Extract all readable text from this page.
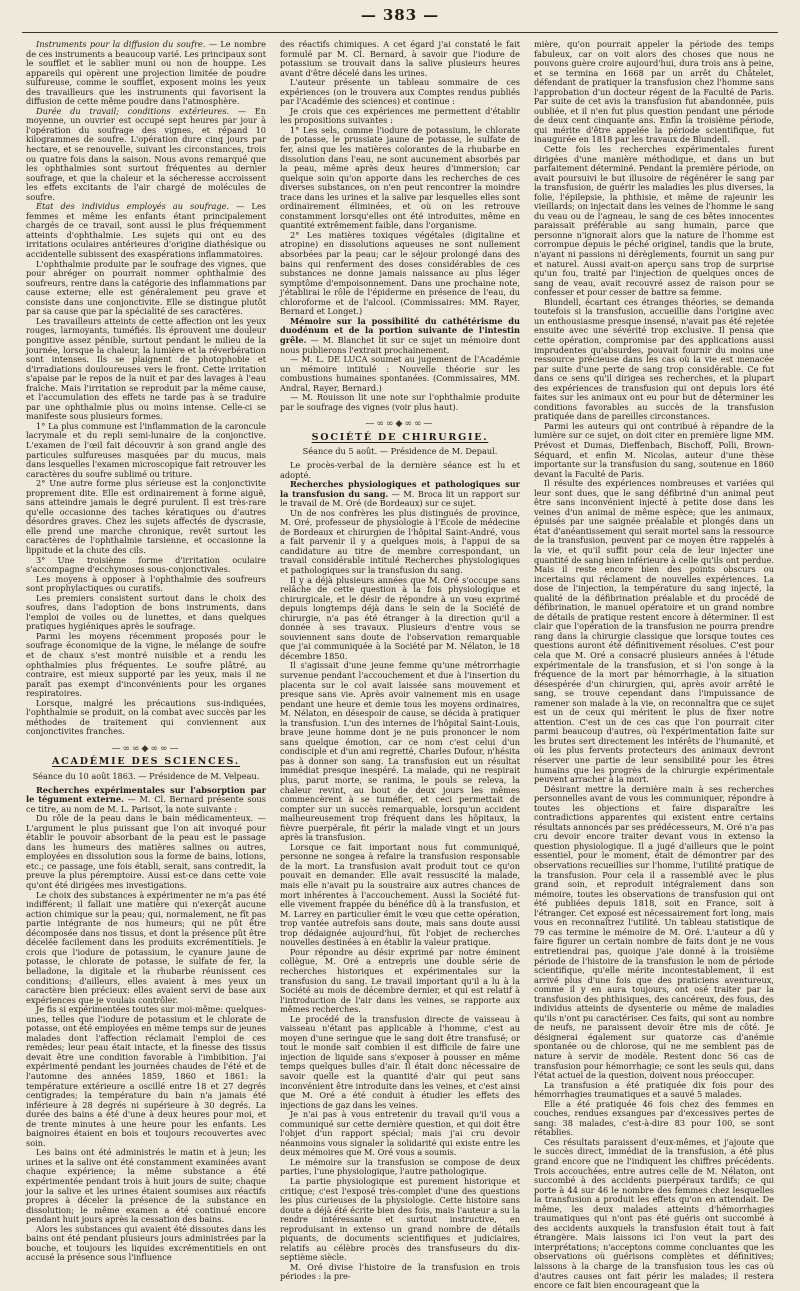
— 383 —

Instruments pour la diffusion du soufre. — Le nombre de ces instruments a beaucoup varié. Les principaux sont le soufflet et le sablier muni ou non de houppe. Les appareils qui opèrent une projection limitée de poudre sulfureuse, comme le soufflet, exposent moins les yeux des travailleurs que les instruments qui favorisent la diffusion de cette même poudre dans l'atmosphère.

Durée du travail; conditions extérieures. — En moyenne, un ouvrier est occupé sept heures par jour à l'opération du soufrage des vignes, et répand 10 kilogrammes de soufre. L'opération dure cinq jours par hectare, et se renouvelle, suivant les circonstances, trois ou quatre fois dans la saison. Nous avons remarqué que les ophthalmies sont surtout fréquentes au dernier soufrage, et que la chaleur et la sécheresse accroissent les effets excitants de l'air chargé de molécules de soufre.

État des individus employés au soufrage. — Les femmes et même les enfants étant principalement chargés de ce travail, sont aussi le plus fréquemment atteints d'ophthalmie. Les sujets qui ont eu des irritations oculaires antérieures d'origine diathésique ou accidentelle subissent des exaspérations inflammatoires.

L'ophthalmie produite par le soufrage des vignes, que pour abréger on pourrait nommer ophthalmie des soufreurs, rentre dans la catégorie des inflammations par cause externe; elle est généralement peu grave et consiste dans une conjonctivite. Elle se distingue plutôt par sa cause que par la spécialité de ses caractères.

Les travailleurs atteints de cette affection ont les yeux rouges, larmoyants, tuméfiés. Ils éprouvent une douleur pongitive assez pénible, surtout pendant le milieu de la journée, lorsque la chaleur, la lumière et la réverbération sont intenses. Ils se plaignent de photophobie et d'irradiations douloureuses vers le front. Cette irritation s'apaise par le repos de la nuit et par des lavages à l'eau fraîche. Mais l'irritation se reproduit par la même cause, et l'accumulation des effets ne tarde pas à se traduire par une ophthalmie plus ou moins intense. Celle-ci se manifeste sous plusieurs formes.

1° La plus commune est l'inflammation de la caroncule lacrymale et du repli semi-lunaire de la conjonctive. L'examen de l'œil fait découvrir à son grand angle des particules sulfureuses masquées par du mucus, mais dans lesquelles l'examen microscopique fait retrouver les caractères du soufre sublimé ou triture.

2° Une autre forme plus sérieuse est la conjonctivite proprement dite. Elle est ordinairement à forme aiguë, sans atteindre jamais le degré purulent. Il est très-rare qu'elle occasionne des taches kératiques ou d'autres désordres graves. Chez les sujets affectés de dyscrasie, elle prend une marche chronique, revêt surtout les caractères de l'ophthalmie tarsienne, et occasionne la lippitude et la chute des cils.

3° Une troisième forme d'irritation oculaire s'accompagne d'ecchymoses sous-conjonctivales.

Les moyens à opposer à l'ophthalmie des soufreurs sont prophylactiques ou curatifs.

Les premiers consistent surtout dans le choix des soufres, dans l'adoption de bons instruments, dans l'emploi de voiles ou de lunettes, et dans quelques pratiques hygiéniques après le soufrage.

Parmi les moyens récemment proposés pour le soufrage économique de la vigne, le mélange de soufre et de chaux s'est montré nuisible et a rendu les ophthalmies plus fréquentes. Le soufre plâtré, au contraire, est mieux supporté par les yeux, mais il ne paraît pas exempt d'inconvénients pour les organes respiratoires.

Lorsque, malgré les précautions sus-indiquées, l'ophthalmie se produit, on la combat avec succès par les méthodes de traitement qui conviennent aux conjonctivites franches.

—∞∞◆∞∞—
ACADÉMIE DES SCIENCES.
Séance du 10 août 1863. — Présidence de M. Velpeau.

Recherches expérimentales sur l'absorption par le tégument externe. — M. Cl. Bernard présente sous ce titre, au nom de M. L. Parisot, la note suivante :

Du rôle de la peau dans le bain médicamenteux. — L'argument le plus puissant que l'on ait invoqué pour établir le pouvoir absorbant de la peau est le passage dans les humeurs des matières salines ou autres, employées en dissolution sous la forme de bains, lotions, etc.; ce passage, une fois établi, serait, sans contredit, la preuve la plus péremptoire. Aussi est-ce dans cette voie qu'ont été dirigées mes investigations.

Le choix des substances à expérimenter ne m'a pas été indifférent; il fallait une matière qui n'exerçât aucune action chimique sur la peau; qui, normalement, ne fît pas partie intégrante de nos humeurs; qui ne pût être décomposée dans nos tissus, et dont la présence pût être décelée facilement dans les produits excrémentitiels. Je crois que l'iodure de potassium, le cyanure jaune de potasse, le chlorate de potasse, le sulfate de fer, la belladone, la digitale et la rhubarbe réunissent ces conditions; d'ailleurs, elles avaient à mes yeux un caractère bien précieux: elles avaient servi de base aux expériences que je voulais contrôler.

Je fis si expérimentées toutes sur moi-même: quelques-unes, telles que l'iodure de potassium et le chlorate de potasse, ont été employées en même temps sur de jeunes malades dont l'affection réclamait l'emploi de ces remèdes; leur peau était intacte, et la finesse des tissus devait être une condition favorable à l'imbibition. J'ai expérimenté pendant les journées chaudes de l'été et de l'automne des années 1859, 1860 et 1861: la température extérieure a oscillé entre 18 et 27 degrés centigrades; la température du bain n'a jamais été inférieure à 28 degrés ni supérieure à 30 degrés. La durée des bains a été d'une à deux heures pour moi, et de trente minutes à une heure pour les enfants. Les baignoires étaient en bois et toujours recouvertes avec soin.

Les bains ont été administrés le matin et à jeun; les urines et la salive ont été constamment examinées avant chaque expérience; la même substance a été expérimentée pendant trois à huit jours de suite; chaque jour la salive et les urines étaient soumises aux réactifs propres à déceler la présence de la substance en dissolution; le même examen a été continué encore pendant huit jours après la cessation des bains.

Alors les substances qui avaient été dissoutes dans les bains ont été pendant plusieurs jours administrées par la bouche, et toujours les liquides excrémentitiels en ont accusé la présence sous l'influence

des réactifs chimiques. A cet égard j'ai constaté le fait formulé par M. Cl. Bernard, à savoir que l'iodure de potassium se trouvait dans la salive plusieurs heures avant d'être décelé dans les urines.

L'auteur présente un tableau sommaire de ces expériences (on le trouvera aux Comptes rendus publiés par l'Académie des sciences) et continue :

Je crois que ces expériences me permettent d'établir les propositions suivantes :

1° Les sels, comme l'iodure de potassium, le chlorate de potasse, le prussiate jaune de potasse, le sulfate de fer, ainsi que les matières colorantes de la rhubarbe en dissolution dans l'eau, ne sont aucunement absorbés par la peau, même après deux heures d'immersion; car quelque soin qu'on apporte dans les recherches de ces diverses substances, on n'en peut rencontrer la moindre trace dans les urines et la salive par lesquelles elles sont ordinairement éliminées, et où on les retrouve constamment lorsqu'elles ont été introduites, même en quantité extrêmement faible, dans l'organisme.

2° Les matières toxiques végétales (digitaline et atropine) en dissolutions aqueuses ne sont nullement absorbées par la peau; car le séjour prolongé dans des bains qui renferment des doses considérables de ces substances ne donne jamais naissance au plus léger symptôme d'empoisonnement. Dans une prochaine note, j'établirai le rôle de l'épiderme en présence de l'eau, du chloroforme et de l'alcool. (Commissaires: MM. Rayer, Bernard et Longet.)

Mémoire sur la possibilité du cathétérisme du duodénum et de la portion suivante de l'intestin grêle. — M. Blanchet lit sur ce sujet un mémoire dont nous publierons l'extrait prochainement.

— M. L. DE LUCA soumet au jugement de l'Académie un mémoire intitulé : Nouvelle théorie sur les combustions humaines spontanées. (Commissaires, MM. Andral, Rayer, Bernard.)

— M. Rouisson lit une note sur l'ophthalmie produite par le soufrage des vignes (voir plus haut).

—∞∞◆∞∞—
SOCIÉTÉ DE CHIRURGIE.
Séance du 5 août. — Présidence de M. Depaul.

Le procès-verbal de la dernière séance est lu et adopté.

Recherches physiologiques et pathologiques sur la transfusion du sang. — M. Broca lit un rapport sur le travail de M. Oré (de Bordeaux) sur ce sujet.

Un de nos confrères les plus distingués de province, M. Oré, professeur de physiologie à l'École de médecine de Bordeaux et chirurgien de l'hôpital Saint-André, vous a fait parvenir il y a quelques mois, à l'appui de sa candidature au titre de membre correspondant, un travail considérable intitulé Recherches physiologiques et pathologiques sur la transfusion du sang.

Il y a déjà plusieurs années que M. Oré s'occupe sans relâche de cette question à la fois physiologique et chirurgicale, et le désir de répondre à un vœu exprimé depuis longtemps déjà dans le sein de la Société de chirurgie, n'a pas été étranger à la direction qu'il a donnée à ses travaux. Plusieurs d'entre vous se souviennent sans doute de l'observation remarquable que j'ai communiquée à la Société par M. Nélaton, le 18 décembre 1850.

Il s'agissait d'une jeune femme qu'une métrorrhagie survenue pendant l'accouchement et due à l'insertion du placenta sur le col avait laissée sans mouvement et presque sans vie. Après avoir vainement mis en usage pendant une heure et demie tous les moyens ordinaires, M. Nélaton, en désespoir de cause, se décida à pratiquer la transfusion. L'un des internes de l'hôpital Saint-Louis, brave jeune homme dont je ne puis prononcer le nom sans quelque émotion, car ce nom c'est celui d'un condisciple et d'un ami regretté, Charles Dufour, n'hésita pas à donner son sang. La transfusion eut un résultat immédiat presque inespéré. La malade, qui ne respirait plus, parut morte, se ranima, le pouls se releva, la chaleur revint, au bout de deux jours les mêmes commencèrent à se tuméfier, et ceci permettait de compter sur un succès remarquable, lorsqu'un accident malheureusement trop fréquent dans les hôpitaux, la fièvre puerpérale, fit périr la malade vingt et un jours après la transfusion.

Lorsque ce fait important nous fut communiqué, personne ne songea à refaire la transfusion responsable de la mort. La transfusion avait produit tout ce qu'on pouvait en demander. Elle avait ressuscité la malade, mais elle n'avait pu la soustraire aux autres chances de mort inhérentes à l'accouchement. Aussi la Société fut-elle vivement frappée du bénéfice dû à la transfusion, et M. Larrey en particulier émit le vœu que cette opération, trop vantée autrefois sans doute, mais sans doute aussi trop dédaignée aujourd'hui, fût l'objet de recherches nouvelles destinées à en établir la valeur pratique.

Pour répondre au désir exprimé par notre éminent collègue, M. Oré a entrepris une double série de recherches historiques et expérimentales sur la transfusion du sang. Le travail important qu'il a lu à la Société au mois de décembre dernier, et qui est relatif à l'introduction de l'air dans les veines, se rapporte aux mêmes recherches.

Le procédé de la transfusion directe de vaisseau à vaisseau n'étant pas applicable à l'homme, c'est au moyen d'une seringue que le sang doit être transfusé; or tout le monde sait combien il est difficile de faire une injection de liquide sans s'exposer à pousser en même temps quelques bulles d'air. Il était donc nécessaire de savoir quelle est la quantité d'air qui peut sans inconvénient être introduite dans les veines, et c'est ainsi que M. Oré a été conduit à étudier les effets des injections de gaz dans les veines.

Je n'ai pas à vous entretenir du travail qu'il vous a communiqué sur cette dernière question, et qui doit être l'objet d'un rapport spécial; mais j'ai cru devoir néanmoins vous signaler la solidarité qui existe entre les deux mémoires que M. Oré vous a soumis.

Le mémoire sur la transfusion se compose de deux parties, l'une physiologique, l'autre pathologique.

La partie physiologique est purement historique et critique; c'est l'exposé très-complet d'une des questions les plus curieuses de la physiologie. Cette histoire sans doute a déjà été écrite bien des fois, mais l'auteur a su la rendre intéressante et surtout instructive, en reproduisant in extenso un grand nombre de détails piquants, de documents scientifiques et judiciaires, relatifs au célèbre procès des transfuseurs du dix-septième siècle.

M. Oré divise l'histoire de la transfusion en trois périodes : la pre-

mière, qu'on pourrait appeler la période des temps fabuleux, car on voit alors des choses que nous ne pouvons guère croire aujourd'hui, dura trois ans à peine, et se termina en 1668 par un arrêt du Châtelet, défendant de pratiquer la transfusion chez l'homme sans l'approbation d'un docteur régent de la Faculté de Paris. Par suite de cet avis la transfusion fut abandonnée, puis oubliée, et il n'en fut plus question pendant une période de deux cent cinquante ans. Enfin la troisième période, qui mérite d'être appelée la période scientifique, fut inaugurée en 1818 par les travaux de Blundell.

Cette fois les recherches expérimentales furent dirigées d'une manière méthodique, et dans un but parfaitement déterminé. Pendant la première période, on avait poursuivi le but illusoire de régénérer le sang par la transfusion, de guérir les maladies les plus diverses, la folie, l'épilepsie, la phthisie, et même de rajeunir les vieillards; on injectait dans les veines de l'homme le sang du veau ou de l'agneau, le sang de ces bêtes innocentes paraissait préférable au sang humain, parce que personne n'ignorait alors que la nature de l'homme est corrompue depuis le péché originel, tandis que la brute, n'ayant ni passions ni dérèglements, fournit un sang pur et naturel. Aussi avait-on aperçu sans trop de surprise qu'un fou, traité par l'injection de quelques onces de sang de veau, avait recouvré assez de raison pour se confesser et pour cesser de battre sa femme.

Blundell, écartant ces étranges théories, se demanda toutefois si la transfusion, accueillie dans l'origine avec un enthousiasme presque insensé, n'avait pas été rejetée ensuite avec une sévérité trop exclusive. Il pensa que cette opération, compromise par des applications aussi imprudentes qu'absurdes, pouvait fournir du moins une ressource précieuse dans les cas où la vie est menacée par suite d'une perte de sang trop considérable. Ce fut dans ce sens qu'il dirigea ses recherches, et la plupart des expériences de transfusion qui ont depuis lors été faites sur les animaux ont eu pour but de déterminer les conditions favorables au succès de la transfusion pratiquée dans de pareilles circonstances.

Parmi les auteurs qui ont contribué à répandre de la lumière sur ce sujet, on doit citer en première ligne MM. Prévost et Dumas, Dieffenbach, Bischoff, Polli, Brown-Séquard, et enfin M. Nicolas, auteur d'une thèse importante sur la transfusion du sang, soutenue en 1860 devant la Faculté de Paris.

Il résulte des expériences nombreuses et variées qui leur sont dues, que le sang défibriné d'un animal peut être sans inconvénient injecté à petite dose dans les veines d'un animal de même espèce; que les animaux, épuisés par une saignée préalable et plongés dans un état d'anéantissement qui serait mortel sans la ressource de la transfusion, peuvent par ce moyen être rappelés à la vie, et qu'il suffit pour cela de leur injecter une quantité de sang bien inférieure à celle qu'ils ont perdue. Mais il reste encore bien des points obscurs ou incertains qui réclament de nouvelles expériences. La dose de l'injection, la température du sang injecté, la qualité de la défibrination préalable et du procédé de défibrination, le manuel opératoire et un grand nombre de détails de pratique restent encore à déterminer. Il est clair que l'opération de la transfusion ne pourra prendre rang dans la chirurgie classique que lorsque toutes ces questions auront été définitivement résolues. C'est pour cela que M. Oré a consacré plusieurs années à l'étude expérimentale de la transfusion, et si l'on songe à la fréquence de la mort par hémorrhagie, à la situation désespérée d'un chirurgien, qui, après avoir arrêté le sang, se trouve cependant dans l'impuissance de ramener son malade à la vie, on reconnaîtra que ce sujet est un de ceux qui méritent le plus de fixer notre attention. C'est un de ces cas que l'on pourrait citer parmi beaucoup d'autres, où l'expérimentation faite sur les brutes sert directement les intérêts de l'humanité, et où les plus fervents protecteurs des animaux devront réserver une partie de leur sensibilité pour les êtres humains que les progrès de la chirurgie expérimentale peuvent arracher à la mort.

Désirant mettre la dernière main à ses recherches personnelles avant de vous les communiquer, répondre à toutes les objections et faire disparaître les contradictions apparentes qui existent entre certains résultats annoncés par ses prédécesseurs, M. Oré n'a pas cru devoir encore traiter devant vous in extenso la question physiologique. Il a jugé d'ailleurs que le point essentiel, pour le moment, était de démontrer par des observations recueillies sur l'homme, l'utilité pratique de la transfusion. Pour cela il a rassemblé avec le plus grand soin, et reproduit intégralement dans son mémoire, toutes les observations de transfusion qui ont été publiées depuis 1818, soit en France, soit à l'étranger. Cet exposé est nécessairement fort long, mais vous en reconnaîtrez l'utilité. Un tableau statistique de 79 cas termine le mémoire de M. Oré. L'auteur a dû y faire figurer un certain nombre de faits dont je ne vous entretiendrai pas, quoique j'aie donné à la troisième période de l'histoire de la transfusion le nom de période scientifique, qu'elle mérite incontestablement, il est arrivé plus d'une fois que des praticiens aventureux, comme il y en aura toujours, ont osé traiter par la transfusion des phthisiques, des cancéreux, des fous, des individus atteints de dysenterie ou même de maladies qu'ils n'ont pu caractériser. Ces faits, qui sont au nombre de neufs, ne paraissent devoir être mis de côté. Je désignerai également sur quatorze cas d'anémie spontanée ou de chlorose, qui ne me semblent pas de nature à servir de modèle. Restent donc 56 cas de transfusion pour hémorrhagie; ce sont les seuls qui, dans l'état actuel de la question, doivent nous préoccuper.

La transfusion a été pratiquée dix fois pour des hémorrhagies traumatiques et a sauvé 5 malades.

Elle a été pratiquée 46 fois chez des femmes en couches, rendues exsangues par d'excessives pertes de sang: 38 malades, c'est-à-dire 83 pour 100, se sont rétablies.

Ces résultats paraissent d'eux-mêmes, et j'ajoute que le succès direct, immédiat de la transfusion, a été plus grand encore que ne l'indiquent les chiffres précédents. Trois accouchées, entre autres celle de M. Nélaton, ont succombé à des accidents puerpéraux tardifs; ce qui porte à 44 sur 46 le nombre des femmes chez lesquelles la transfusion a produit les effets qu'on en attendait. De même, les deux malades atteints d'hémorrhagies traumatiques qui n'ont pas été guéris ont succombé à des accidents auxquels la transfusion était tout à fait étrangère. Mais laissons ici l'on veut la part des interprétations; n'acceptons comme concluantes que les observations où guérisons complètes et définitives; laissons à la charge de la transfusion tous les cas où d'autres causes ont fait périr les malades; il restera encore ce fait bien encourageant que la
